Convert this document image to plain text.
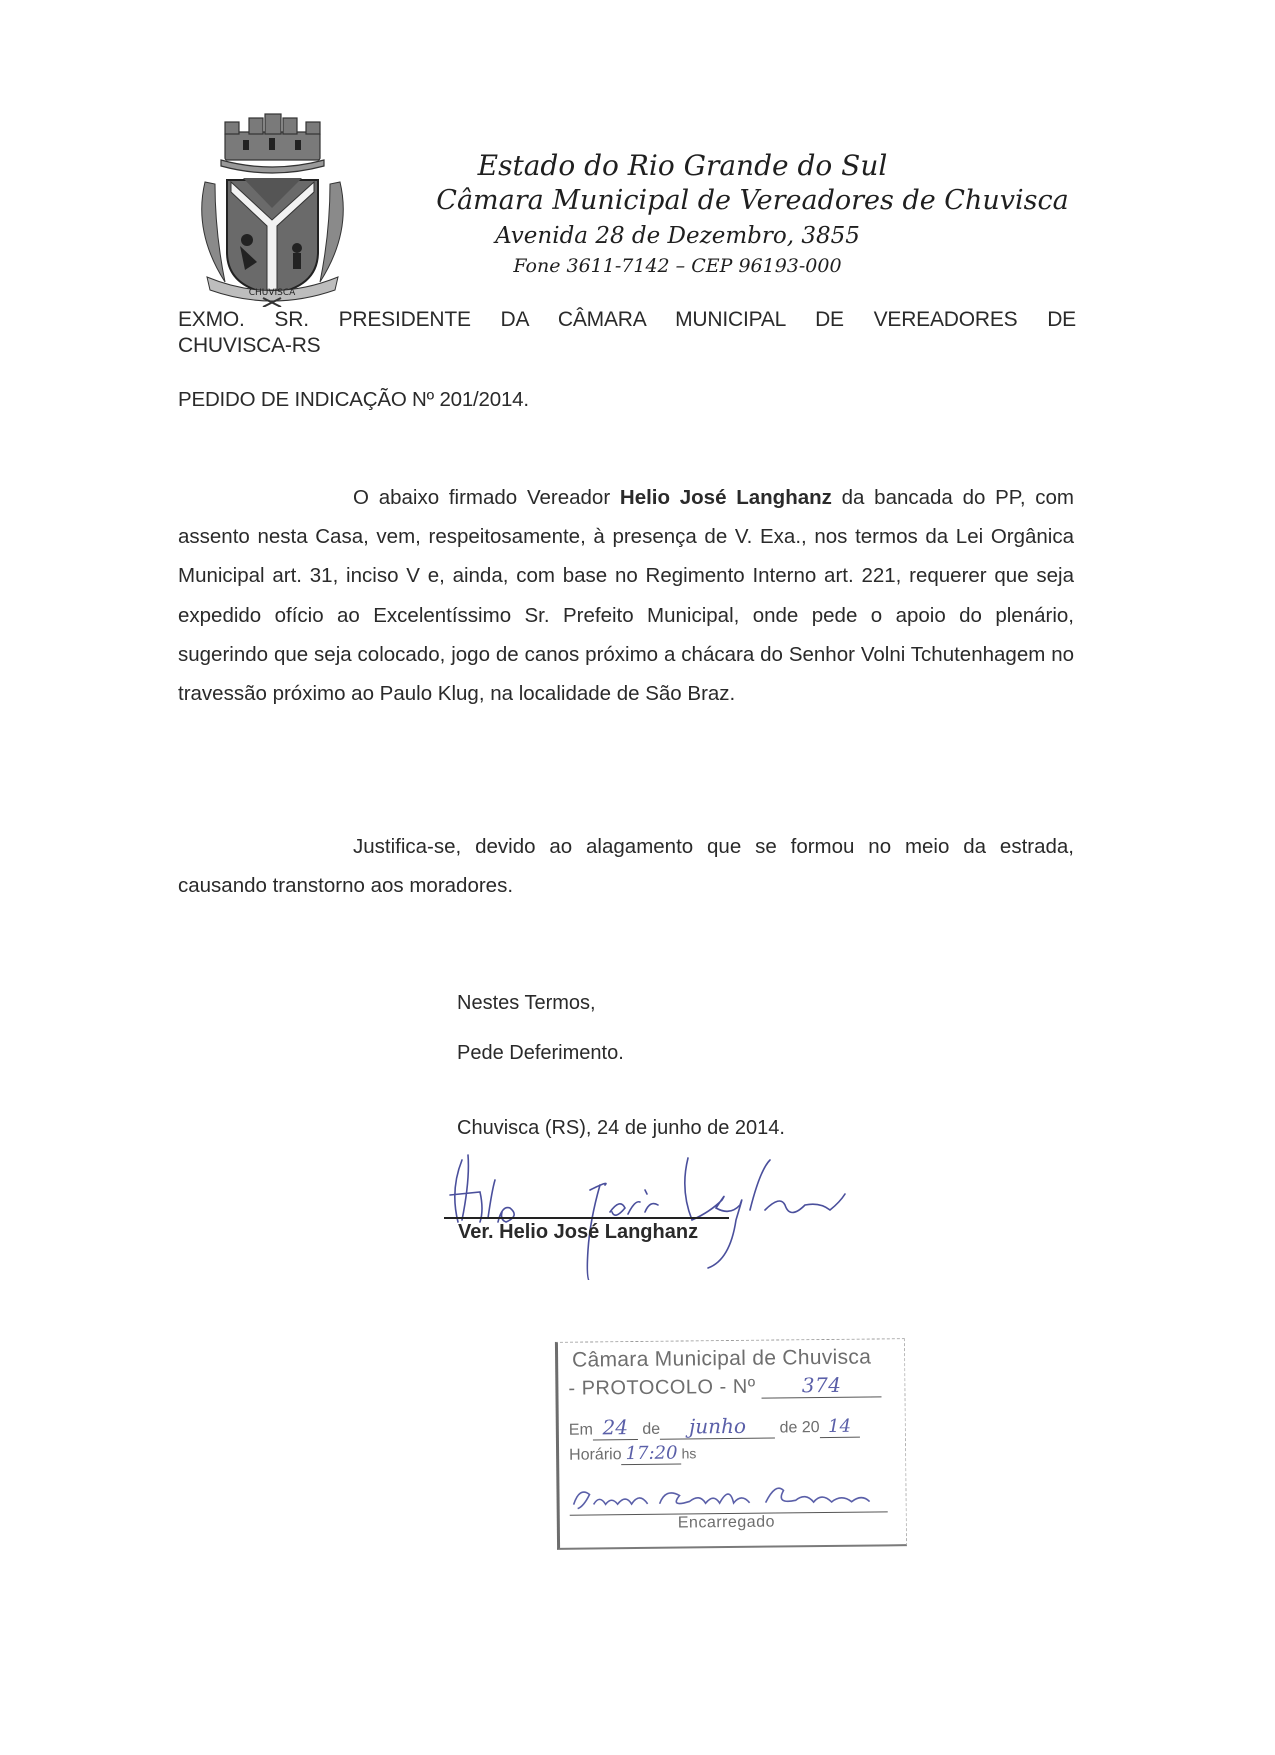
CHUVISCA
Estado do Rio Grande do Sul
Câmara Municipal de Vereadores de Chuvisca
Avenida 28 de Dezembro, 3855
Fone 3611-7142 – CEP 96193-000
EXMO. SR. PRESIDENTE DA CÂMARA MUNICIPAL DE VEREADORES DE
CHUVISCA-RS
PEDIDO DE INDICAÇÃO Nº 201/2014.
O abaixo firmado Vereador Helio José Langhanz da bancada do PP, com assento nesta Casa, vem, respeitosamente, à presença de V. Exa., nos termos da Lei Orgânica Municipal art. 31, inciso V e, ainda, com base no Regimento Interno art. 221, requerer que seja expedido ofício ao Excelentíssimo Sr. Prefeito Municipal, onde pede o apoio do plenário, sugerindo que seja colocado, jogo de canos próximo a chácara do Senhor Volni Tchutenhagem no travessão próximo ao Paulo Klug, na localidade de São Braz.
Justifica-se, devido ao alagamento que se formou no meio da estrada, causando transtorno aos moradores.
Nestes Termos,
Pede Deferimento.
Chuvisca (RS), 24 de junho de 2014.
Ver. Helio José Langhanz
Câmara Municipal de Chuvisca
- PROTOCOLO - Nº 374
Em 24 de junho de 20 14
Horário 17:20 hs
Encarregado
